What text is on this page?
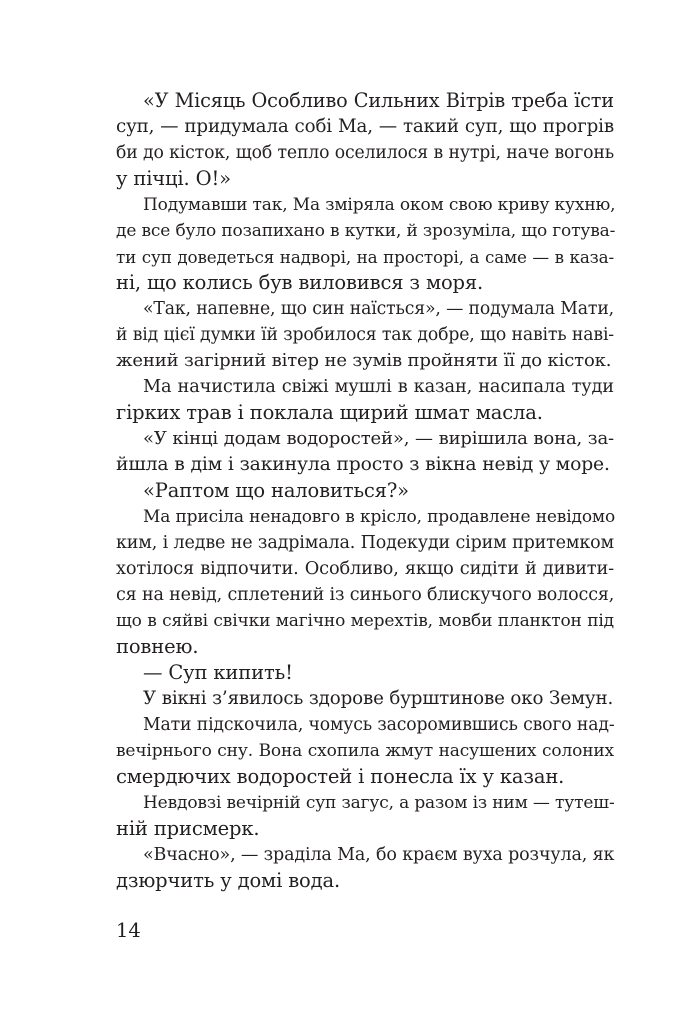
«У Місяць Особливо Сильних Вітрів треба їсти
суп, — придумала собі Ма, — такий суп, що прогрів
би до кісток, щоб тепло оселилося в нутрі, наче вогонь
у пічці. О!»
Подумавши так, Ма зміряла оком свою криву кухню,
де все було позапихано в кутки, й зрозуміла, що готува-
ти суп доведеться надворі, на просторі, а саме — в каза-
ні, що колись був виловився з моря.
«Так, напевне, що син наїсться», — подумала Мати,
й від цієї думки їй зробилося так добре, що навіть наві-
жений загірний вітер не зумів пройняти її до кісток.
Ма начистила свіжі мушлі в казан, насипала туди
гірких трав і поклала щирий шмат масла.
«У кінці додам водоростей», — вирішила вона, за-
йшла в дім і закинула просто з вікна невід у море.
«Раптом що наловиться?»
Ма присіла ненадовго в крісло, продавлене невідомо
ким, і ледве не задрімала. Подекуди сірим притемком
хотілося відпочити. Особливо, якщо сидіти й дивити-
ся на невід, сплетений із синього блискучого волосся,
що в сяйві свічки магічно мерехтів, мовби планктон під
повнею.
— Суп кипить!
У вікні з’явилось здорове бурштинове око Земун.
Мати підскочила, чомусь засоромившись свого над-
вечірнього сну. Вона схопила жмут насушених солоних
смердючих водоростей і понесла їх у казан.
Невдовзі вечірній суп загус, а разом із ним — тутеш-
ній присмерк.
«Вчасно», — зраділа Ма, бо краєм вуха розчула, як
дзюрчить у домі вода.
14
